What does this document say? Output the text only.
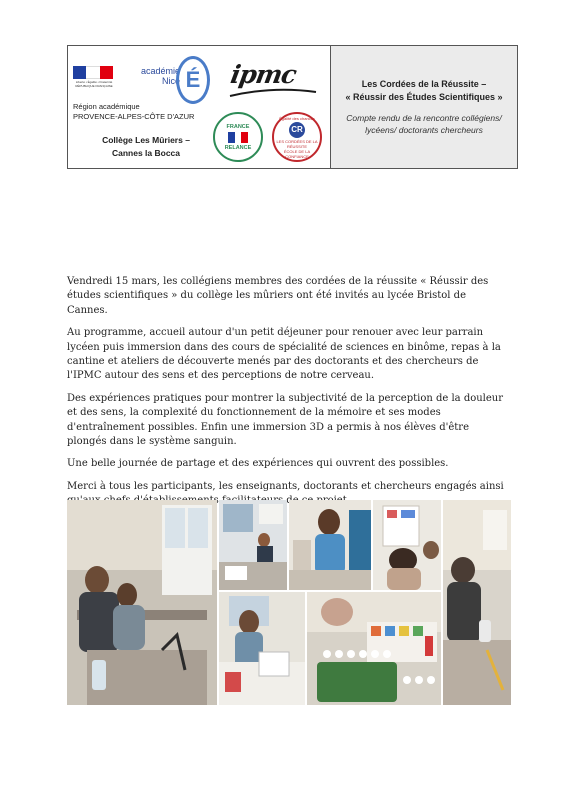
Liberté • Égalité • Fraternité RÉPUBLIQUE FRANÇAISE
académie
Nice É
Région académique
PROVENCE-ALPES-CÔTE D'AZUR
Collège Les Mûriers –
Cannes la Bocca
ipmc
FRANCE
RELANCE
Égalité des chances
CR
LES CORDÉES DE LA RÉUSSITE
ÉCOLE DE LA CONFIANCE
Les Cordées de la Réussite –
« Réussir des Études Scientifiques »
Compte rendu de la rencontre collégiens/ lycéens/ doctorants chercheurs

Vendredi 15 mars, les collégiens membres des cordées de la réussite « Réussir des études scientifiques » du collège les mûriers ont été invités au lycée Bristol de Cannes.

Au programme, accueil autour d'un petit déjeuner pour renouer avec leur parrain lycéen puis immersion dans des cours de spécialité de sciences en binôme, repas à la cantine et ateliers de découverte menés par des doctorants et des chercheurs de l'IPMC autour des sens et des perceptions de notre cerveau.

Des expériences pratiques pour montrer la subjectivité de la perception de la douleur et des sens, la complexité du fonctionnement de la mémoire et ses modes d'entraînement possibles. Enfin une immersion 3D a permis à nos élèves d'être plongés dans le système sanguin.

Une belle journée de partage et des expériences qui ouvrent des possibles.

Merci à tous les participants, les enseignants, doctorants et chercheurs engagés ainsi
